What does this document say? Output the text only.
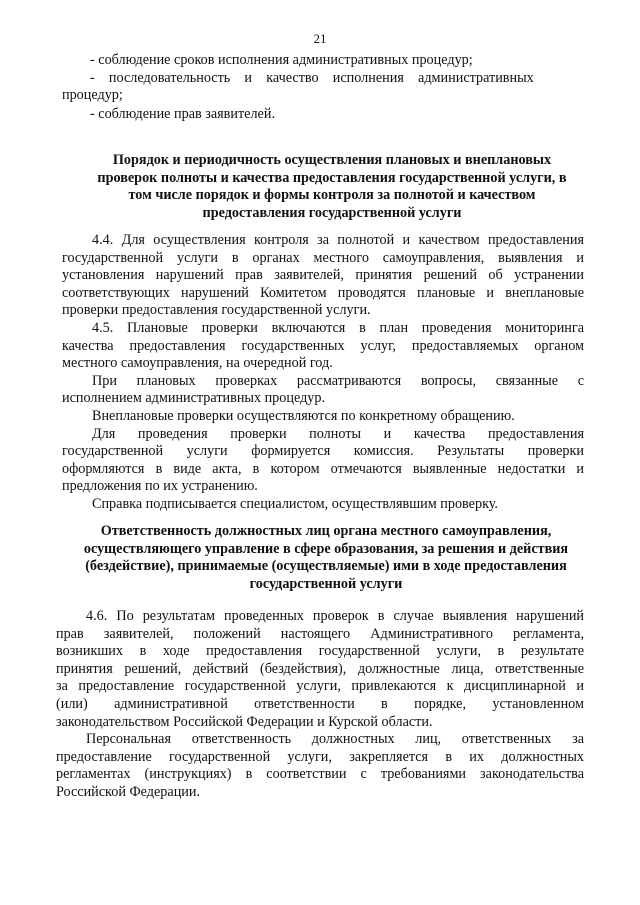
21
- соблюдение сроков исполнения административных процедур;
-    последовательность    и    качество    исполнения    административных
процедур;
- соблюдение прав заявителей.
Порядок и периодичность осуществления плановых и внеплановых
проверок полноты и качества предоставления государственной услуги, в
том числе порядок и формы контроля за полнотой и качеством
предоставления государственной услуги
4.4. Для осуществления контроля за полнотой и качеством предоставления
государственной услуги в органах местного самоуправления, выявления и
установления нарушений прав заявителей, принятия решений об устранении
соответствующих нарушений Комитетом проводятся плановые и внеплановые
проверки предоставления государственной услуги.
4.5. Плановые проверки включаются в план проведения мониторинга
качества предоставления государственных услуг, предоставляемых органом
местного самоуправления, на очередной год.
При плановых проверках рассматриваются вопросы, связанные с
исполнением административных процедур.
Внеплановые проверки осуществляются по конкретному обращению.
Для проведения проверки полноты и качества предоставления
государственной услуги формируется комиссия. Результаты проверки
оформляются в виде акта, в котором отмечаются выявленные недостатки и
предложения по их устранению.
Справка подписывается специалистом, осуществлявшим проверку.
Ответственность должностных лиц органа местного самоуправления,
осуществляющего управление в сфере образования, за решения и действия
(бездействие), принимаемые (осуществляемые) ими в ходе предоставления
государственной услуги
4.6. По результатам проведенных проверок в случае выявления нарушений
прав заявителей, положений настоящего Административного регламента,
возникших в ходе предоставления государственной услуги, в результате
принятия решений, действий (бездействия), должностные лица, ответственные
за предоставление государственной услуги, привлекаются к дисциплинарной и
(или) административной ответственности в порядке, установленном
законодательством Российской Федерации и Курской области.
Персональная ответственность должностных лиц, ответственных за
предоставление государственной услуги, закрепляется в их должностных
регламентах (инструкциях) в соответствии с требованиями законодательства
Российской Федерации.
